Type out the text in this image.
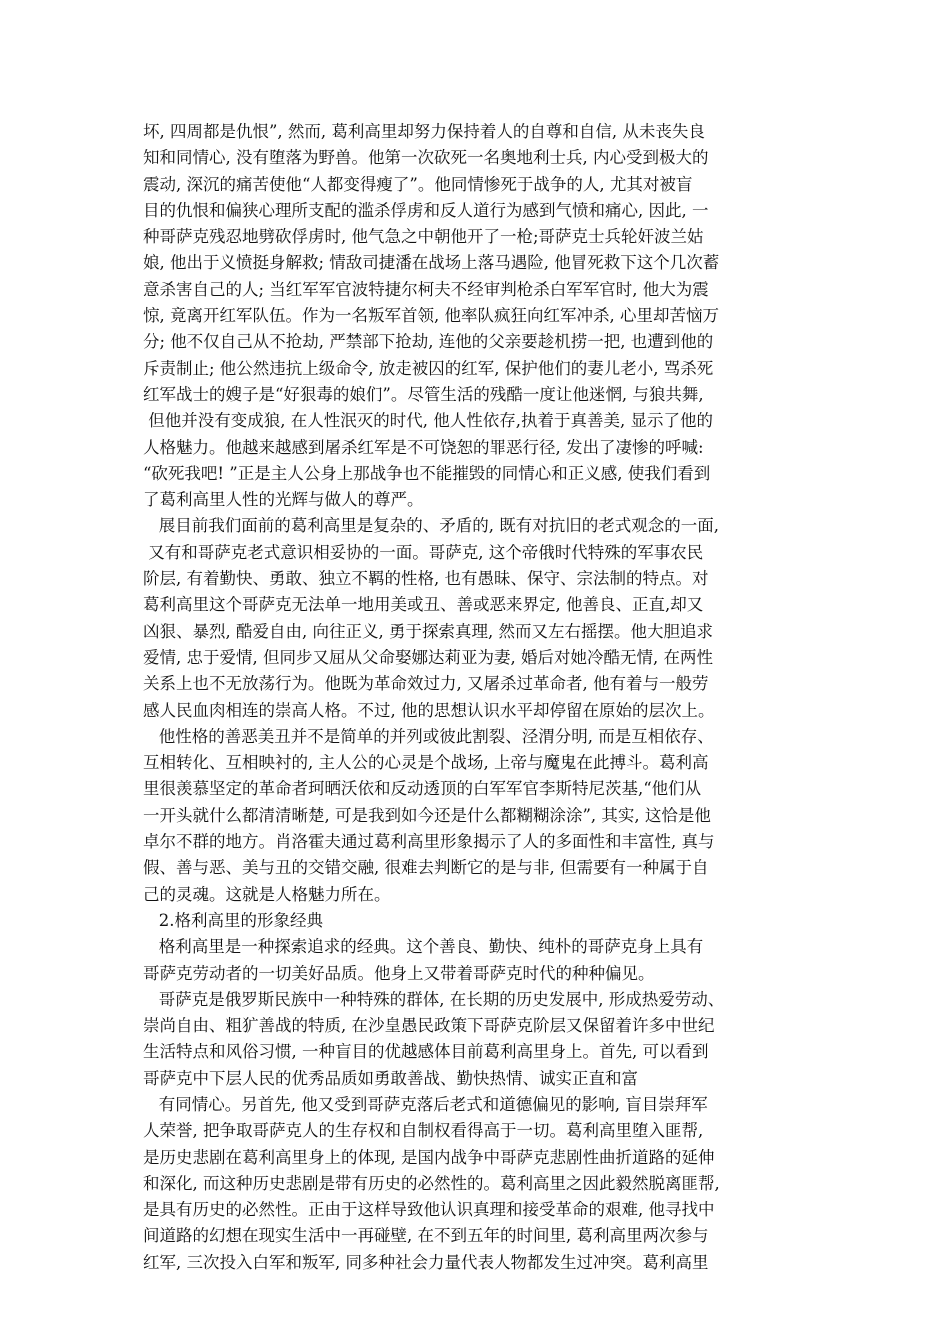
坏, 四周都是仇恨”, 然而, 葛利高里却努力保持着人的自尊和自信, 从未丧失良
知和同情心, 没有堕落为野兽。他第一次砍死一名奥地利士兵, 内心受到极大的
震动, 深沉的痛苦使他“人都变得瘦了”。他同情惨死于战争的人, 尤其对被盲
目的仇恨和偏狭心理所支配的滥杀俘虏和反人道行为感到气愤和痛心, 因此, 一
种哥萨克残忍地劈砍俘虏时, 他气急之中朝他开了一枪;哥萨克士兵轮奸波兰姑
娘, 他出于义愤挺身解救; 情敌司捷潘在战场上落马遇险, 他冒死救下这个几次蓄
意杀害自己的人; 当红军军官波特捷尔柯夫不经审判枪杀白军军官时, 他大为震
惊, 竟离开红军队伍。作为一名叛军首领, 他率队疯狂向红军冲杀, 心里却苦恼万
分; 他不仅自己从不抢劫, 严禁部下抢劫, 连他的父亲要趁机捞一把, 也遭到他的
斥责制止; 他公然违抗上级命令, 放走被囚的红军, 保护他们的妻儿老小, 骂杀死
红军战士的嫂子是“好狠毒的娘们”。尽管生活的残酷一度让他迷惘, 与狼共舞,
但他并没有变成狼, 在人性泯灭的时代, 他人性依存,执着于真善美, 显示了他的
人格魅力。他越来越感到屠杀红军是不可饶恕的罪恶行径, 发出了凄惨的呼喊:
“砍死我吧! ”正是主人公身上那战争也不能摧毁的同情心和正义感, 使我们看到
了葛利高里人性的光辉与做人的尊严。
展目前我们面前的葛利高里是复杂的、矛盾的, 既有对抗旧的老式观念的一面,
又有和哥萨克老式意识相妥协的一面。哥萨克, 这个帝俄时代特殊的军事农民
阶层, 有着勤快、勇敢、独立不羁的性格, 也有愚昧、保守、宗法制的特点。对
葛利高里这个哥萨克无法单一地用美或丑、善或恶来界定, 他善良、正直,却又
凶狠、暴烈, 酷爱自由, 向往正义, 勇于探索真理, 然而又左右摇摆。他大胆追求
爱情, 忠于爱情, 但同步又屈从父命娶娜达莉亚为妻, 婚后对她冷酷无情, 在两性
关系上也不无放荡行为。他既为革命效过力, 又屠杀过革命者, 他有着与一般劳
感人民血肉相连的崇高人格。不过, 他的思想认识水平却停留在原始的层次上。
他性格的善恶美丑并不是简单的并列或彼此割裂、泾渭分明, 而是互相依存、
互相转化、互相映衬的, 主人公的心灵是个战场, 上帝与魔鬼在此搏斗。葛利高
里很羡慕坚定的革命者珂晒沃依和反动透顶的白军军官李斯特尼茨基,“他们从
一开头就什么都清清晰楚, 可是我到如今还是什么都糊糊涂涂”, 其实, 这恰是他
卓尔不群的地方。肖洛霍夫通过葛利高里形象揭示了人的多面性和丰富性, 真与
假、善与恶、美与丑的交错交融, 很难去判断它的是与非, 但需要有一种属于自
己的灵魂。这就是人格魅力所在。
2.格利高里的形象经典
格利高里是一种探索追求的经典。这个善良、勤快、纯朴的哥萨克身上具有
哥萨克劳动者的一切美好品质。他身上又带着哥萨克时代的种种偏见。
哥萨克是俄罗斯民族中一种特殊的群体, 在长期的历史发展中, 形成热爱劳动、
崇尚自由、粗犷善战的特质, 在沙皇愚民政策下哥萨克阶层又保留着许多中世纪
生活特点和风俗习惯, 一种盲目的优越感体目前葛利高里身上。首先, 可以看到
哥萨克中下层人民的优秀品质如勇敢善战、勤快热情、诚实正直和富
有同情心。另首先, 他又受到哥萨克落后老式和道德偏见的影响, 盲目崇拜军
人荣誉, 把争取哥萨克人的生存权和自制权看得高于一切。葛利高里堕入匪帮,
是历史悲剧在葛利高里身上的体现, 是国内战争中哥萨克悲剧性曲折道路的延伸
和深化, 而这种历史悲剧是带有历史的必然性的。葛利高里之因此毅然脱离匪帮,
是具有历史的必然性。正由于这样导致他认识真理和接受革命的艰难, 他寻找中
间道路的幻想在现实生活中一再碰壁, 在不到五年的时间里, 葛利高里两次参与
红军, 三次投入白军和叛军, 同多种社会力量代表人物都发生过冲突。葛利高里
